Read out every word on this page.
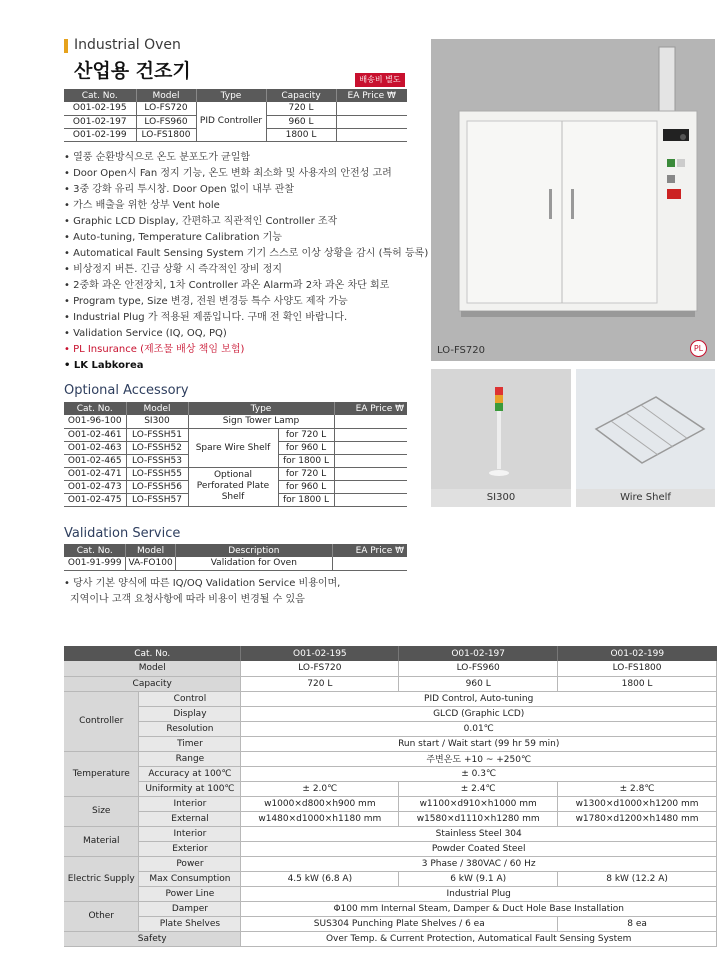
Industrial Oven
산업용 건조기	배송비 별도
Cat. No.	Model	Type	Capacity	EA Price ₩
O01-02-195	LO-FS720	PID Controller	720 L	
O01-02-197	LO-FS960		960 L	
O01-02-199	LO-FS1800		1800 L	
• 열풍 순환방식으로 온도 분포도가 균일함
• Door Open시 Fan 정지 기능, 온도 변화 최소화 및 사용자의 안전성 고려
• 3중 강화 유리 투시창. Door Open 없이 내부 관찰
• 가스 배출을 위한 상부 Vent hole
• Graphic LCD Display, 간편하고 직관적인 Controller 조작
• Auto-tuning, Temperature Calibration 기능
• Automatical Fault Sensing System 기기 스스로 이상 상황을 감시 (특허 등록)
• 비상정지 버튼. 긴급 상황 시 즉각적인 장비 정지
• 2중화 과온 안전장치, 1차 Controller 과온 Alarm과 2차 과온 차단 회로
• Program type, Size 변경, 전원 변경등 특수 사양도 제작 가능
• Industrial Plug 가 적용된 제품입니다. 구매 전 확인 바랍니다.
• Validation Service (IQ, OQ, PQ)
• PL Insurance (제조물 배상 책임 보험)
• LK Labkorea
Optional Accessory
Cat. No.	Model	Type		EA Price ₩
O01-96-100	SI300	Sign Tower Lamp		
O01-02-461	LO-FSSH51	Spare Wire Shelf	for 720 L	
O01-02-463	LO-FSSH52		for 960 L	
O01-02-465	LO-FSSH53		for 1800 L	
O01-02-471	LO-FSSH55	Optional Perforated Plate Shelf	for 720 L	
O01-02-473	LO-FSSH56		for 960 L	
O01-02-475	LO-FSSH57		for 1800 L	
Validation Service
Cat. No.	Model	Description	EA Price ₩
O01-91-999	VA-FO100	Validation for Oven	
• 당사 기본 양식에 따른 IQ/OQ Validation Service 비용이며,
지역이나 고객 요청사항에 따라 비용이 변경될 수 있음
LO-FS720	PL
SI300	Wire Shelf
Cat. No.		O01-02-195	O01-02-197	O01-02-199
Model		LO-FS720	LO-FS960	LO-FS1800
Capacity		720 L	960 L	1800 L
Controller	Control	PID Control, Auto-tuning		
	Display	GLCD (Graphic LCD)		
	Resolution	0.01℃		
	Timer	Run start / Wait start (99 hr 59 min)		
Temperature	Range	주변온도 +10 ~ +250℃		
	Accuracy at 100℃	± 0.3℃		
	Uniformity at 100℃	± 2.0℃	± 2.4℃	± 2.8℃
Size	Interior	w1000×d800×h900 mm	w1100×d910×h1000 mm	w1300×d1000×h1200 mm
	External	w1480×d1000×h1180 mm	w1580×d1110×h1280 mm	w1780×d1200×h1480 mm
Material	Interior	Stainless Steel 304		
	Exterior	Powder Coated Steel		
Electric Supply	Power	3 Phase / 380VAC / 60 Hz		
	Max Consumption	4.5 kW (6.8 A)	6 kW (9.1 A)	8 kW (12.2 A)
	Power Line	Industrial Plug		
Other	Damper	Φ100 mm Internal Steam, Damper & Duct Hole Base Installation		
	Plate Shelves	SUS304 Punching Plate Shelves / 6 ea		8 ea
Safety		Over Temp. & Current Protection, Automatical Fault Sensing System		
